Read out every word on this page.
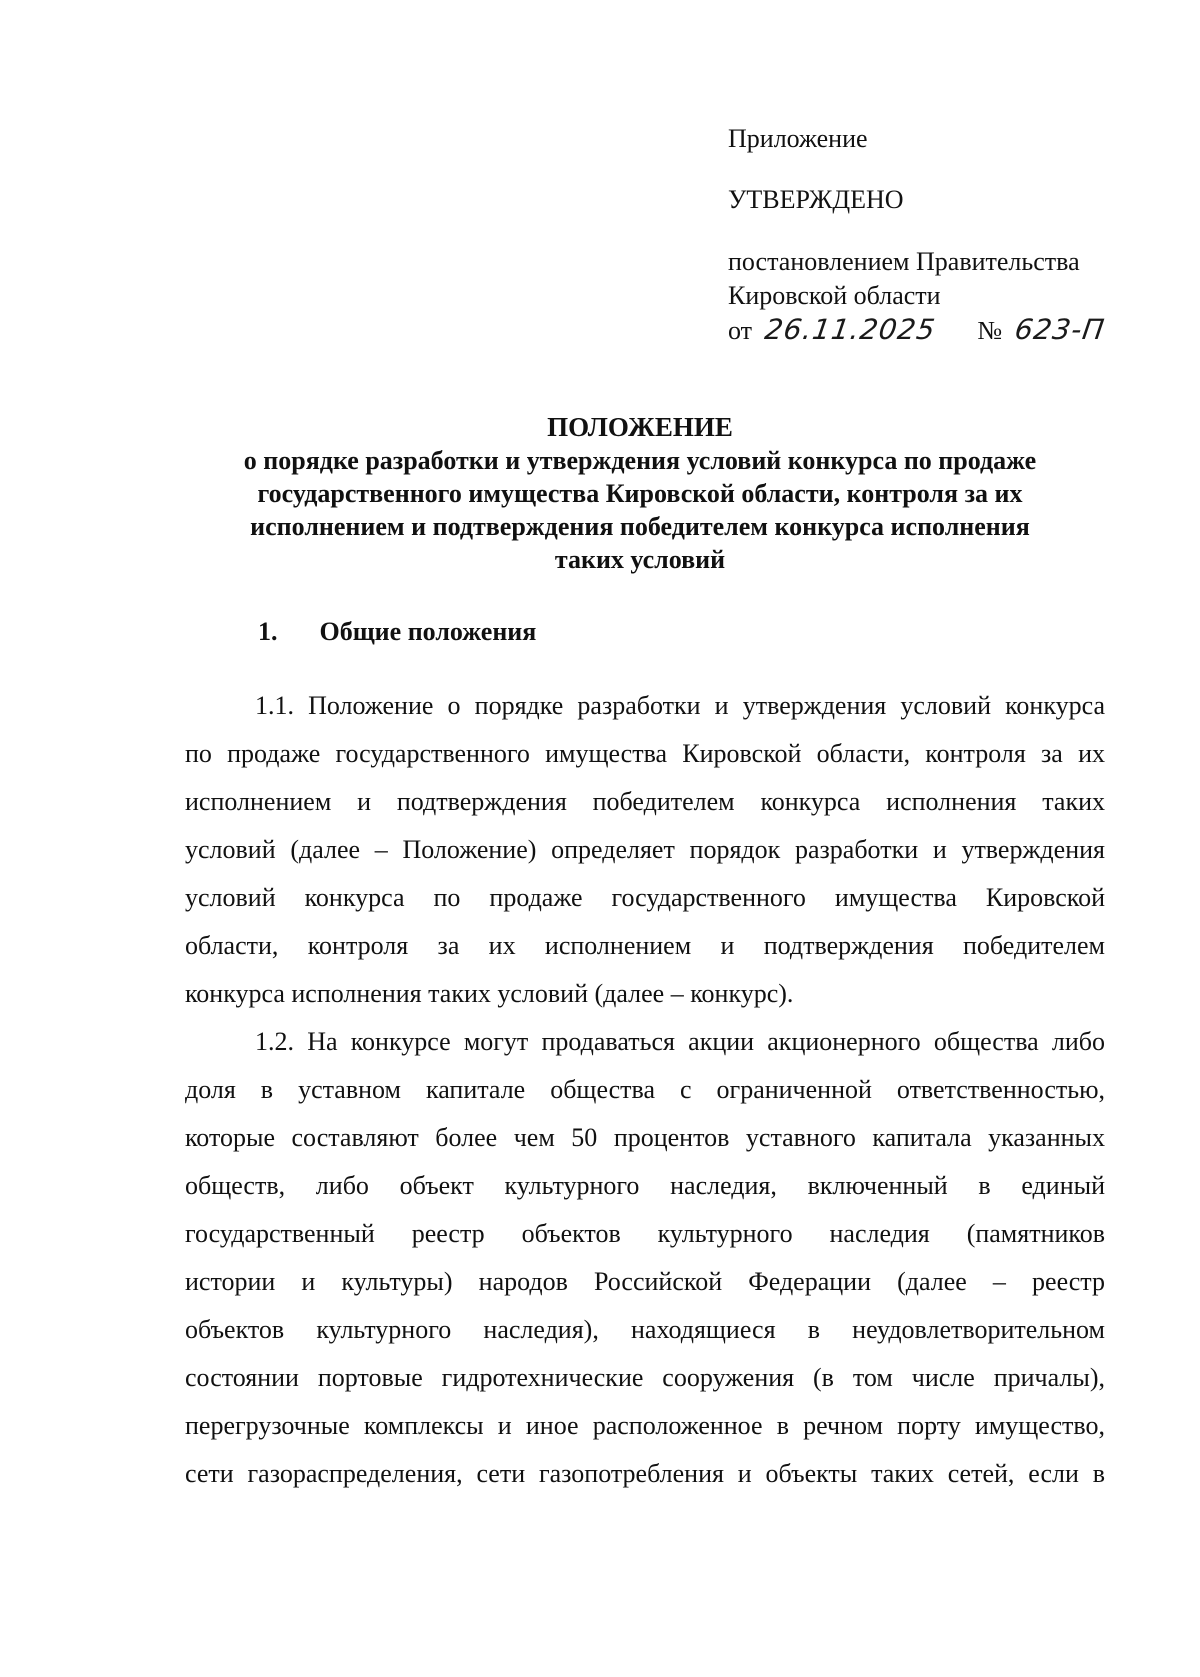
Приложение
УТВЕРЖДЕНО
постановлением Правительства
Кировской области
от 26.11.2025 № 623-П
ПОЛОЖЕНИЕ
о порядке разработки и утверждения условий конкурса по продаже
государственного имущества Кировской области, контроля за их
исполнением и подтверждения победителем конкурса исполнения
таких условий
1. Общие положения
1.1. Положение о порядке разработки и утверждения условий конкурса
по продаже государственного имущества Кировской области, контроля за их
исполнением и подтверждения победителем конкурса исполнения таких
условий (далее – Положение) определяет порядок разработки и утверждения
условий конкурса по продаже государственного имущества Кировской
области, контроля за их исполнением и подтверждения победителем
конкурса исполнения таких условий (далее – конкурс).
1.2. На конкурсе могут продаваться акции акционерного общества либо
доля в уставном капитале общества с ограниченной ответственностью,
которые составляют более чем 50 процентов уставного капитала указанных
обществ, либо объект культурного наследия, включенный в единый
государственный реестр объектов культурного наследия (памятников
истории и культуры) народов Российской Федерации (далее – реестр
объектов культурного наследия), находящиеся в неудовлетворительном
состоянии портовые гидротехнические сооружения (в том числе причалы),
перегрузочные комплексы и иное расположенное в речном порту имущество,
сети газораспределения, сети газопотребления и объекты таких сетей, если в
